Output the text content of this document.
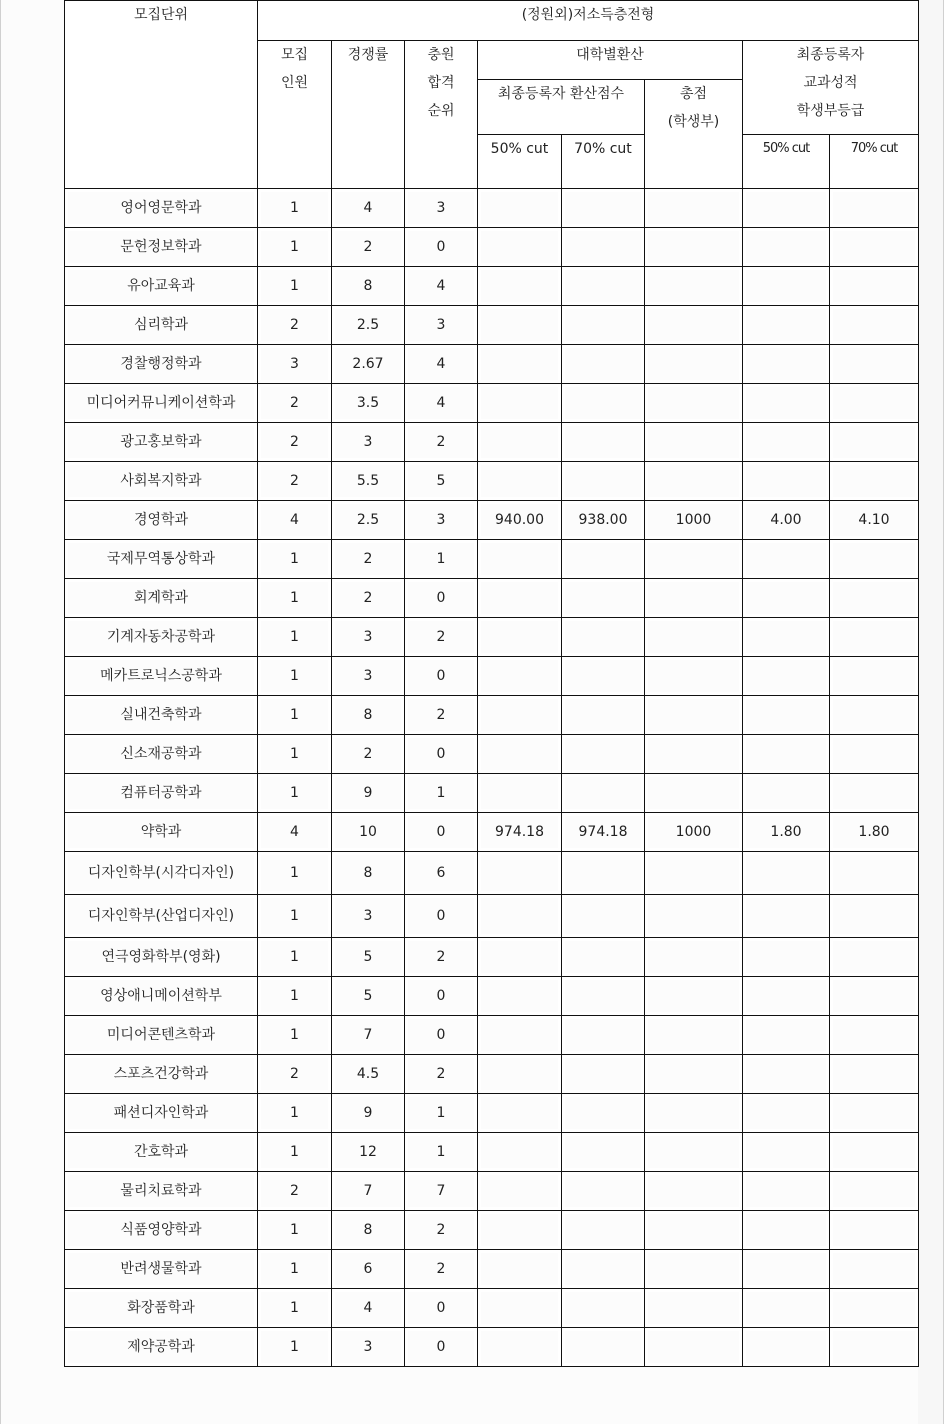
모집단위	(정원외)저소득층전형							

모집
인원
	경쟁률	충원
합격
순위
	대학별환산	최종등록자
교과성적
학생부등급

				최종등록자 환산점수		총점
(학생부)		

				50% cut	70% cut		50% cut	70% cut
영어영문학과	1	4	3					
문헌정보학과	1	2	0					
유아교육과	1	8	4					
심리학과	2	2.5	3					
경찰행정학과	3	2.67	4					
미디어커뮤니케이션학과	2	3.5	4					
광고홍보학과	2	3	2					
사회복지학과	2	5.5	5					
경영학과	4	2.5	3	940.00	938.00	1000	4.00	4.10
국제무역통상학과	1	2	1					
회계학과	1	2	0					
기계자동차공학과	1	3	2					
메카트로닉스공학과	1	3	0					
실내건축학과	1	8	2					
신소재공학과	1	2	0					
컴퓨터공학과	1	9	1					
약학과	4	10	0	974.18	974.18	1000	1.80	1.80
디자인학부(시각디자인)	1	8	6					
디자인학부(산업디자인)	1	3	0					
연극영화학부(영화)	1	5	2					
영상애니메이션학부	1	5	0					
미디어콘텐츠학과	1	7	0					
스포츠건강학과	2	4.5	2					
패션디자인학과	1	9	1					
간호학과	1	12	1					
물리치료학과	2	7	7					
식품영양학과	1	8	2					
반려생물학과	1	6	2					
화장품학과	1	4	0					
제약공학과	1	3	0					
